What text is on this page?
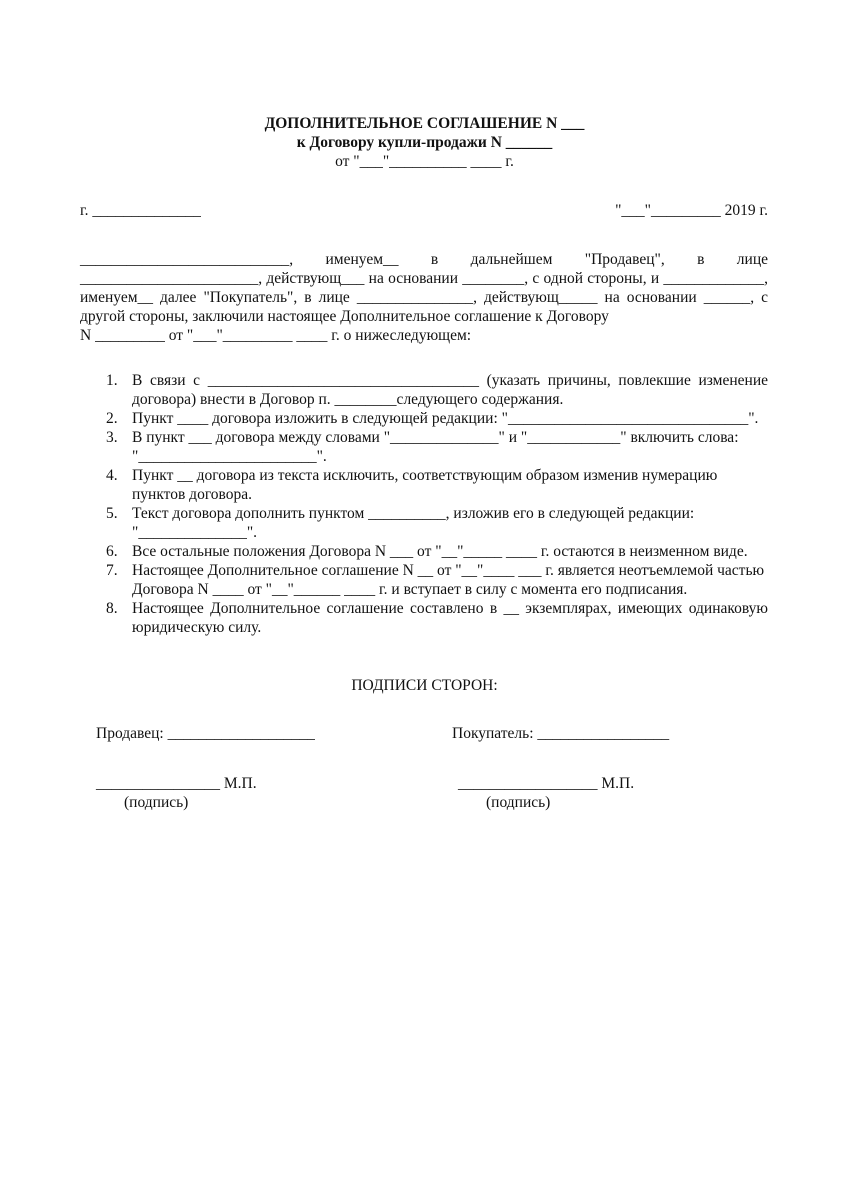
ДОПОЛНИТЕЛЬНОЕ СОГЛАШЕНИЕ N ___
к Договору купли-продажи N ______
от "___"__________ ____ г.
г. ______________	"___"_________ 2019 г.
___________________________, именуем__ в дальнейшем "Продавец", в лице
_______________________, действующ___ на основании ________, с одной стороны, и _____________,
именуем__ далее "Покупатель", в лице _______________, действующ_____ на основании ______, с
другой стороны, заключили настоящее Дополнительное соглашение к Договору
N _________ от "___"_________ ____ г. о нижеследующем:
1. В связи с ___________________________________ (указать причины, повлекшие изменение
договора) внести в Договор п. ________следующего содержания.
2. Пункт ____ договора изложить в следующей редакции: "_______________________________".
3. В пункт ___ договора между словами "______________" и "____________" включить слова:
"_______________________".
4. Пункт __ договора из текста исключить, соответствующим образом изменив нумерацию
пунктов договора.
5. Текст договора дополнить пунктом __________, изложив его в следующей редакции:
"______________".
6. Все остальные положения Договора N ___ от "__"_____ ____ г. остаются в неизменном виде.
7. Настоящее Дополнительное соглашение N __ от "__"____ ___ г. является неотъемлемой частью
Договора N ____ от "__"______ ____ г. и вступает в силу с момента его подписания.
8. Настоящее Дополнительное соглашение составлено в __ экземплярах, имеющих одинаковую
юридическую силу.
ПОДПИСИ СТОРОН:
Продавец: ___________________	Покупатель: _________________
________________ М.П.
(подпись)
__________________ М.П.
(подпись)
